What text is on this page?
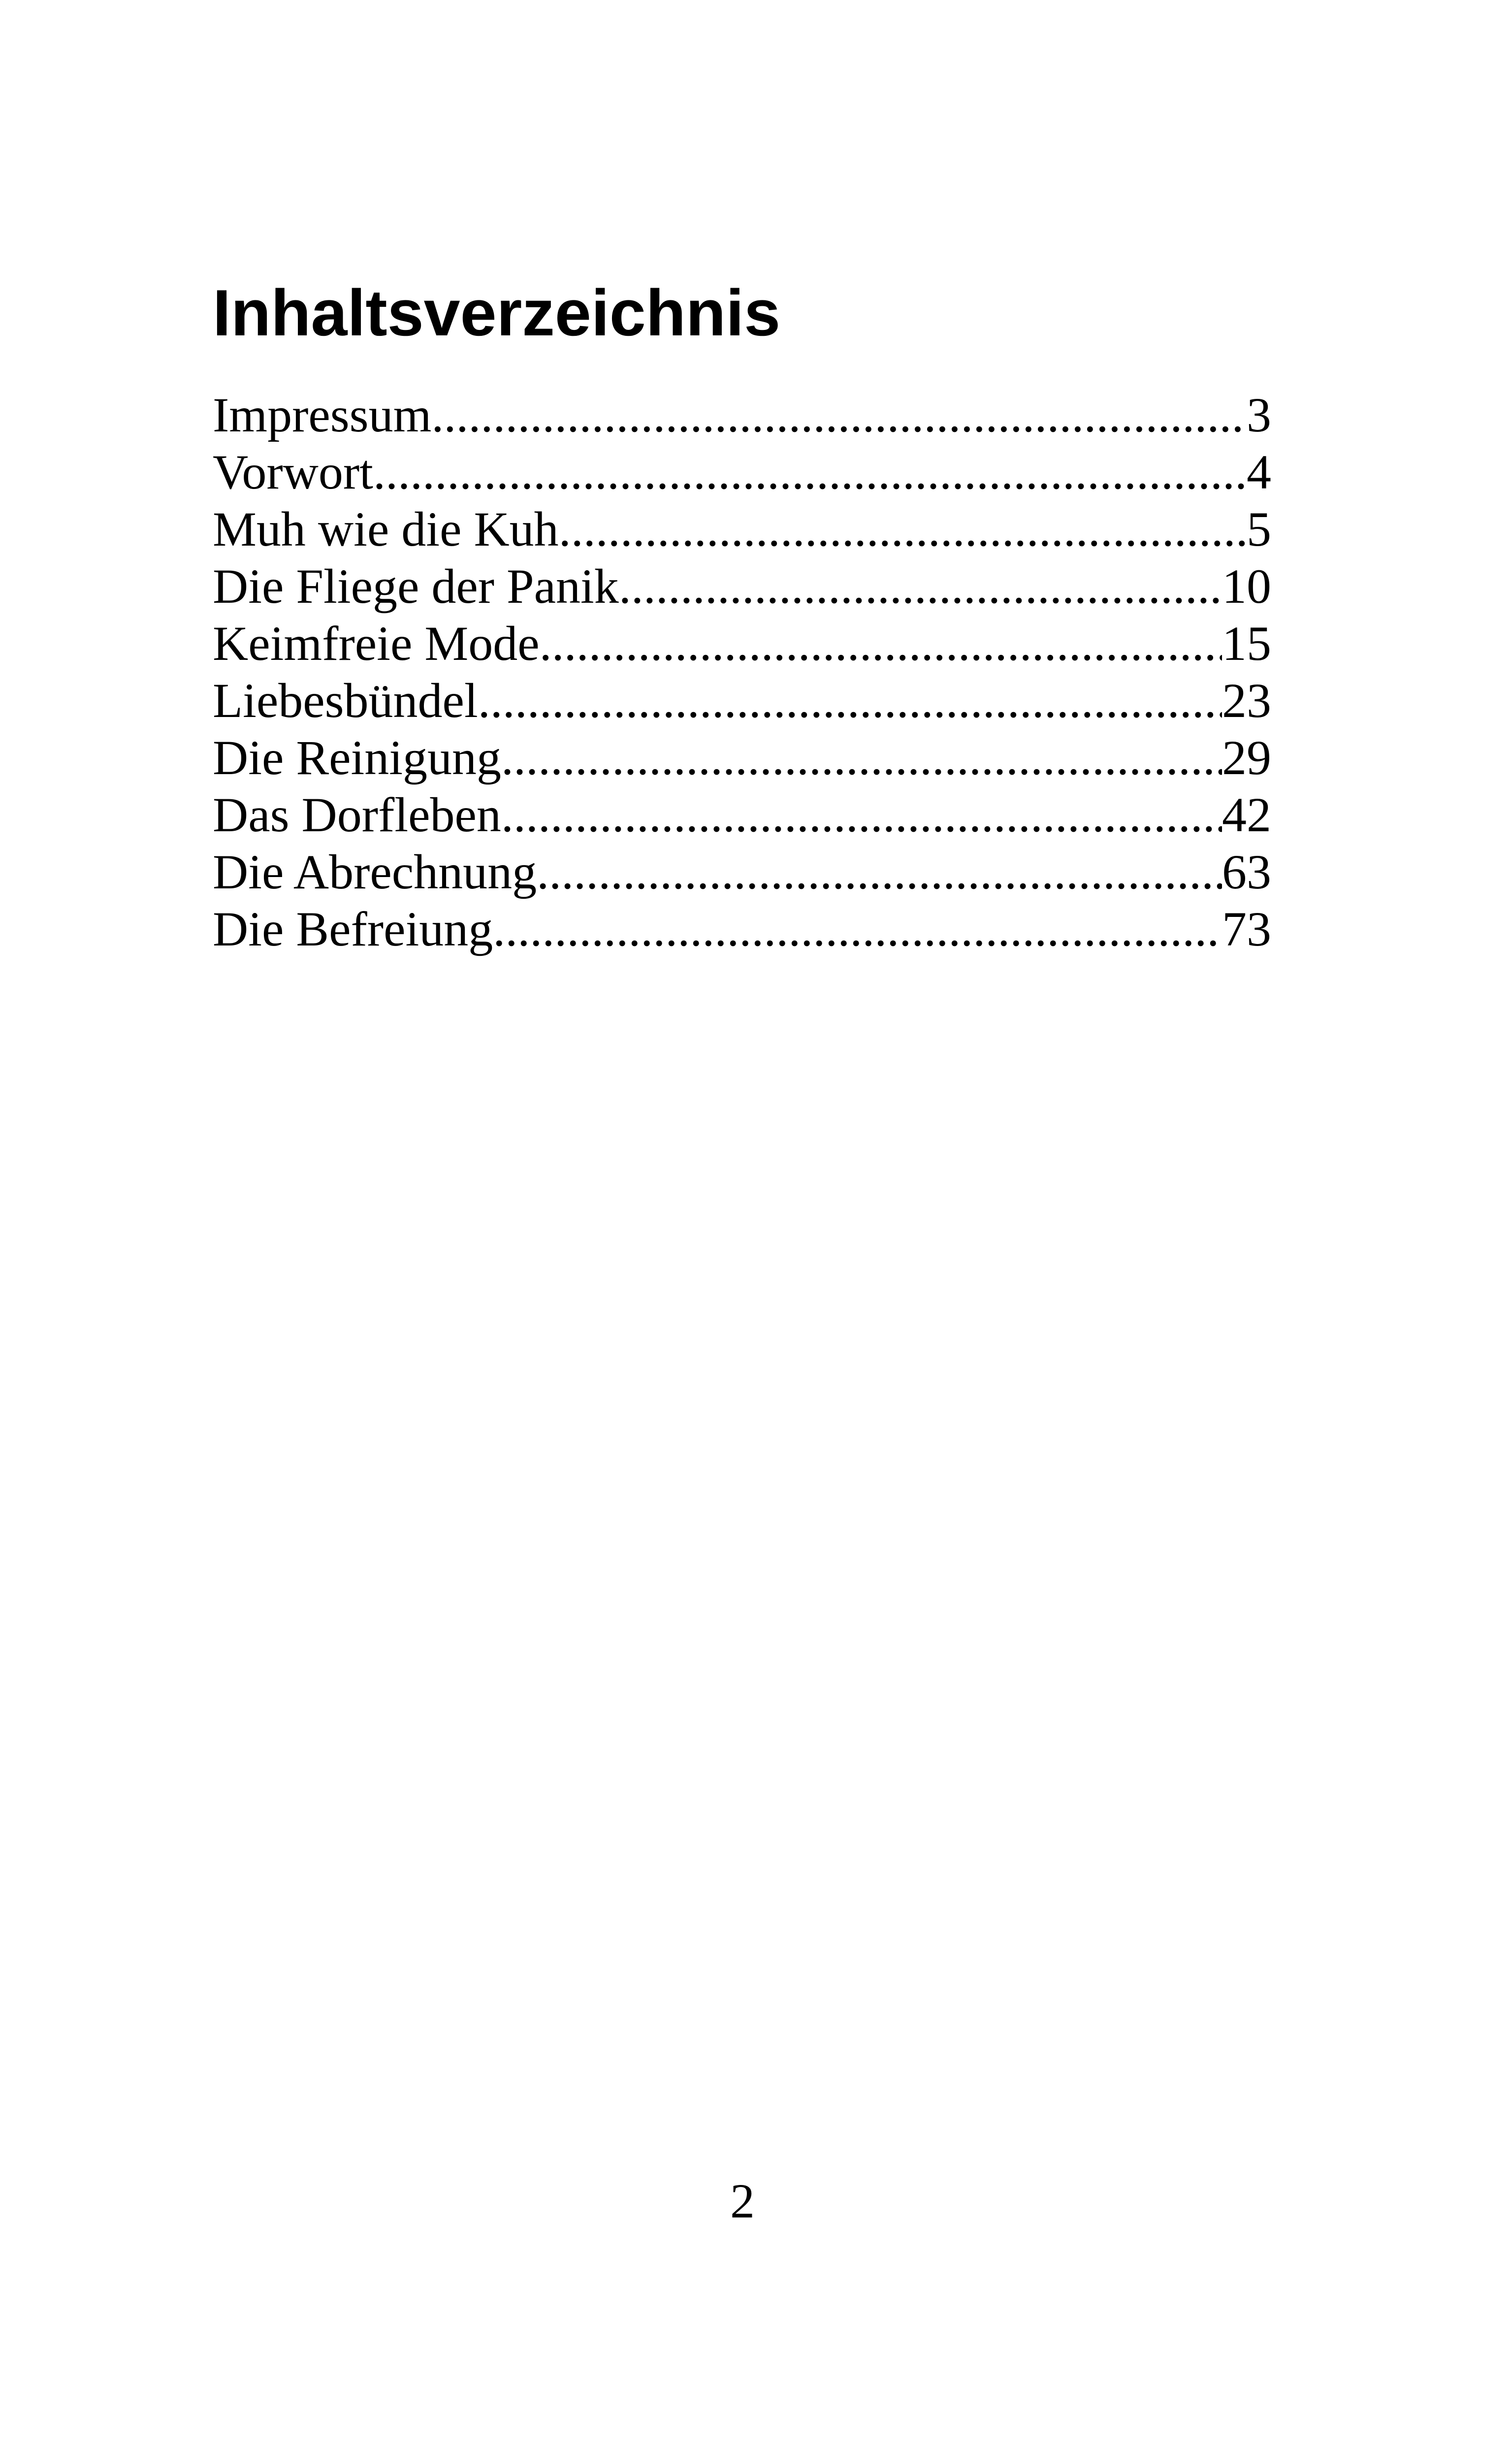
Inhaltsverzeichnis
Impressum .....	3
Vorwort .....	4
Muh wie die Kuh .....	5
Die Fliege der Panik .....	10
Keimfreie Mode .....	15
Liebesbündel .....	23
Die Reinigung .....	29
Das Dorfleben .....	42
Die Abrechnung .....	63
Die Befreiung .....	73
2
